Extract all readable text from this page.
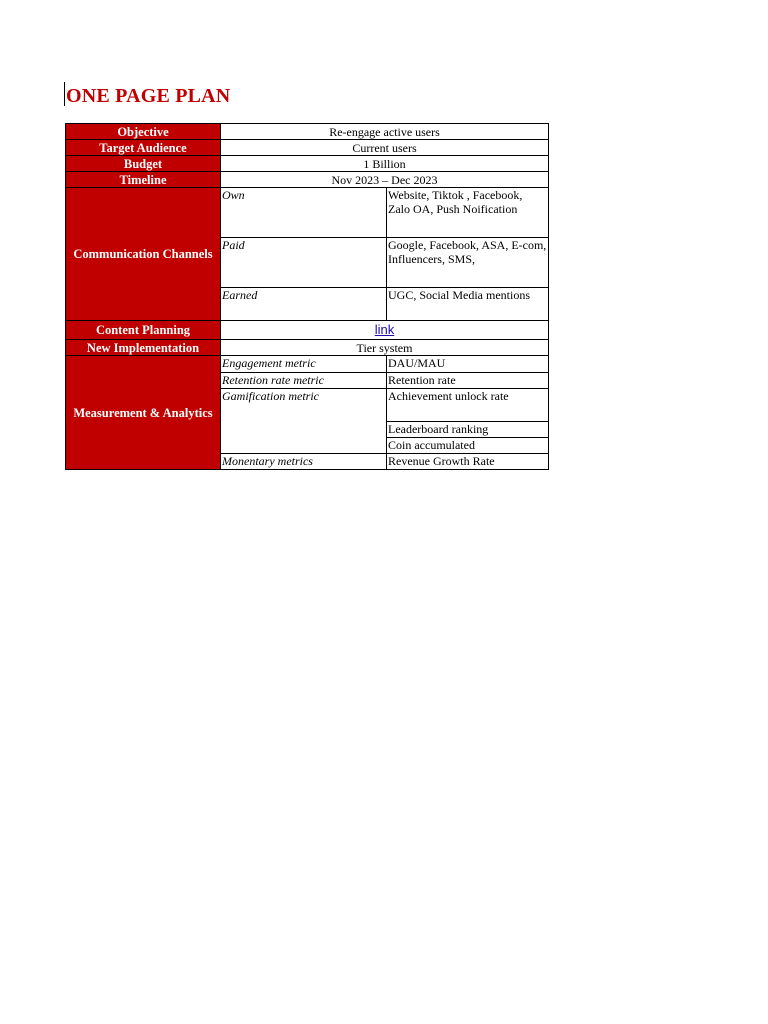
ONE PAGE PLAN
Objective	Re-engage active users	
Target Audience	Current users	
Budget	1 Billion	
Timeline	Nov 2023 – Dec 2023	
Communication Channels	Own	Website, Tiktok , Facebook, Zalo OA, Push Noification
	Paid	Google, Facebook, ASA, E-com, Influencers, SMS,
	Earned	UGC, Social Media mentions
Content Planning	link	
New Implementation	Tier system	
Measurement & Analytics	Engagement metric	DAU/MAU
	Retention rate metric	Retention rate
	Gamification metric	Achievement unlock rate
		Leaderboard ranking
		Coin accumulated
	Monentary metrics	Revenue Growth Rate
